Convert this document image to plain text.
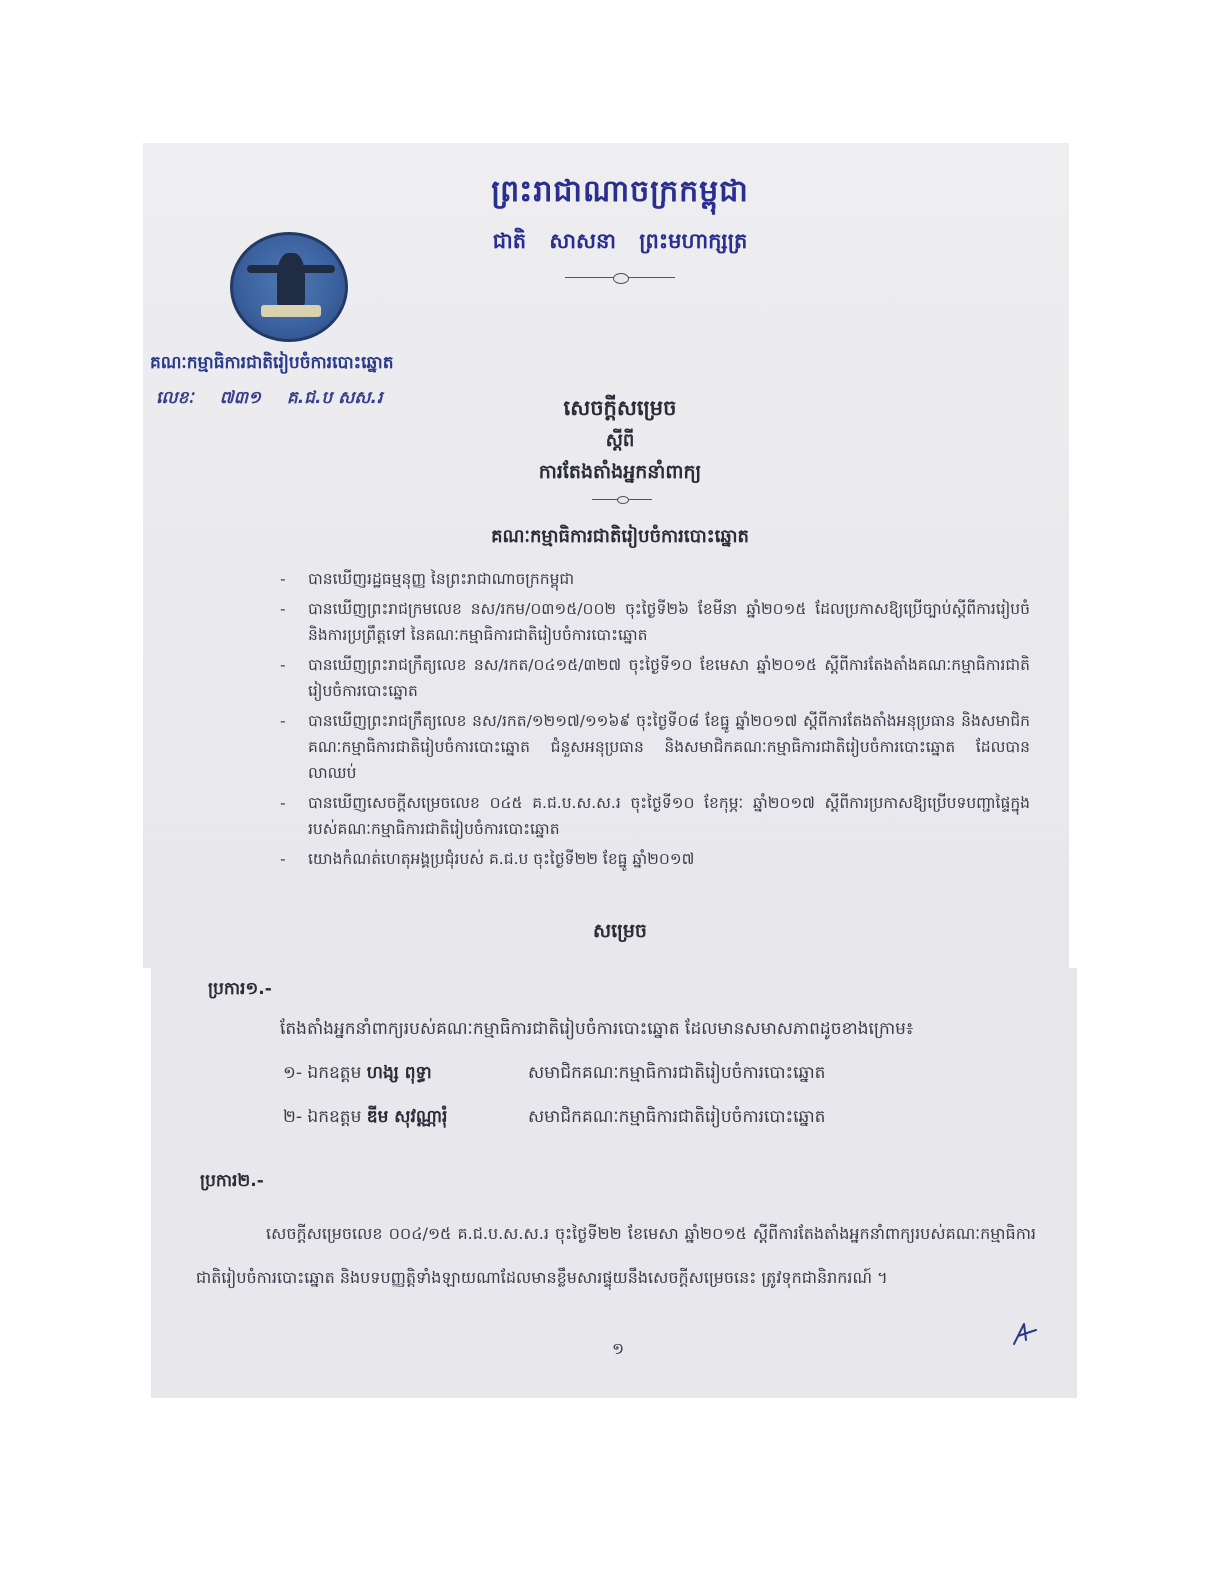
ព្រះរាជាណាចក្រកម្ពុជា
ជាតិ សាសនា ព្រះមហាក្សត្រ
គណៈកម្មាធិការជាតិរៀបចំការបោះឆ្នោត
លេខៈ ៧៣១ គ.ជ.ប សស.រ	សេចក្តីសម្រេច
ស្តីពី
ការតែងតាំងអ្នកនាំពាក្យ
គណៈកម្មាធិការជាតិរៀបចំការបោះឆ្នោត
- បានឃើញរដ្ឋធម្មនុញ្ញ នៃព្រះរាជាណាចក្រកម្ពុជា
- បានឃើញព្រះរាជក្រមលេខ នស/រកម/០៣១៥/០០២ ចុះថ្ងៃទី២៦ ខែមីនា ឆ្នាំ២០១៥ ដែលប្រកាសឱ្យប្រើច្បាប់ស្តីពីការរៀបចំ និងការប្រព្រឹត្តទៅ នៃគណៈកម្មាធិការជាតិរៀបចំការបោះឆ្នោត
- បានឃើញព្រះរាជក្រឹត្យលេខ នស/រកត/០៤១៥/៣២៧ ចុះថ្ងៃទី១០ ខែមេសា ឆ្នាំ២០១៥ ស្តីពីការតែងតាំងគណៈកម្មាធិការជាតិរៀបចំការបោះឆ្នោត
- បានឃើញព្រះរាជក្រឹត្យលេខ នស/រកត/១២១៧/១១៦៩ ចុះថ្ងៃទី០៨ ខែធ្នូ ឆ្នាំ២០១៧ ស្តីពីការតែងតាំងអនុប្រធាន និងសមាជិកគណៈកម្មាធិការជាតិរៀបចំការបោះឆ្នោត ជំនួសអនុប្រធាន និងសមាជិកគណៈកម្មាធិការជាតិរៀបចំការបោះឆ្នោត ដែលបានលាឈប់
- បានឃើញសេចក្តីសម្រេចលេខ ០៤៥ គ.ជ.ប.ស.ស.រ ចុះថ្ងៃទី១០ ខែកុម្ភៈ ឆ្នាំ២០១៧ ស្តីពីការប្រកាសឱ្យប្រើបទបញ្ជាផ្ទៃក្នុងរបស់គណៈកម្មាធិការជាតិរៀបចំការបោះឆ្នោត
- យោងកំណត់ហេតុអង្គប្រជុំរបស់ គ.ជ.ប ចុះថ្ងៃទី២២ ខែធ្នូ ឆ្នាំ២០១៧
សម្រេច
ប្រការ១.-
តែងតាំងអ្នកនាំពាក្យរបស់គណៈកម្មាធិការជាតិរៀបចំការបោះឆ្នោត ដែលមានសមាសភាពដូចខាងក្រោម៖
១- ឯកឧត្តម ហង្ស ពុទ្ធា	សមាជិកគណៈកម្មាធិការជាតិរៀបចំការបោះឆ្នោត
២- ឯកឧត្តម ឌីម សុវណ្ណារុំ	សមាជិកគណៈកម្មាធិការជាតិរៀបចំការបោះឆ្នោត
ប្រការ២.-
សេចក្តីសម្រេចលេខ ០០៤/១៥ គ.ជ.ប.ស.ស.រ ចុះថ្ងៃទី២២ ខែមេសា ឆ្នាំ២០១៥ ស្តីពីការតែងតាំងអ្នកនាំពាក្យរបស់គណៈកម្មាធិការជាតិរៀបចំការបោះឆ្នោត និងបទបញ្ញត្តិទាំងឡាយណាដែលមានខ្លឹមសារផ្ទុយនឹងសេចក្តីសម្រេចនេះ ត្រូវទុកជានិរាករណ៍ ។
១
